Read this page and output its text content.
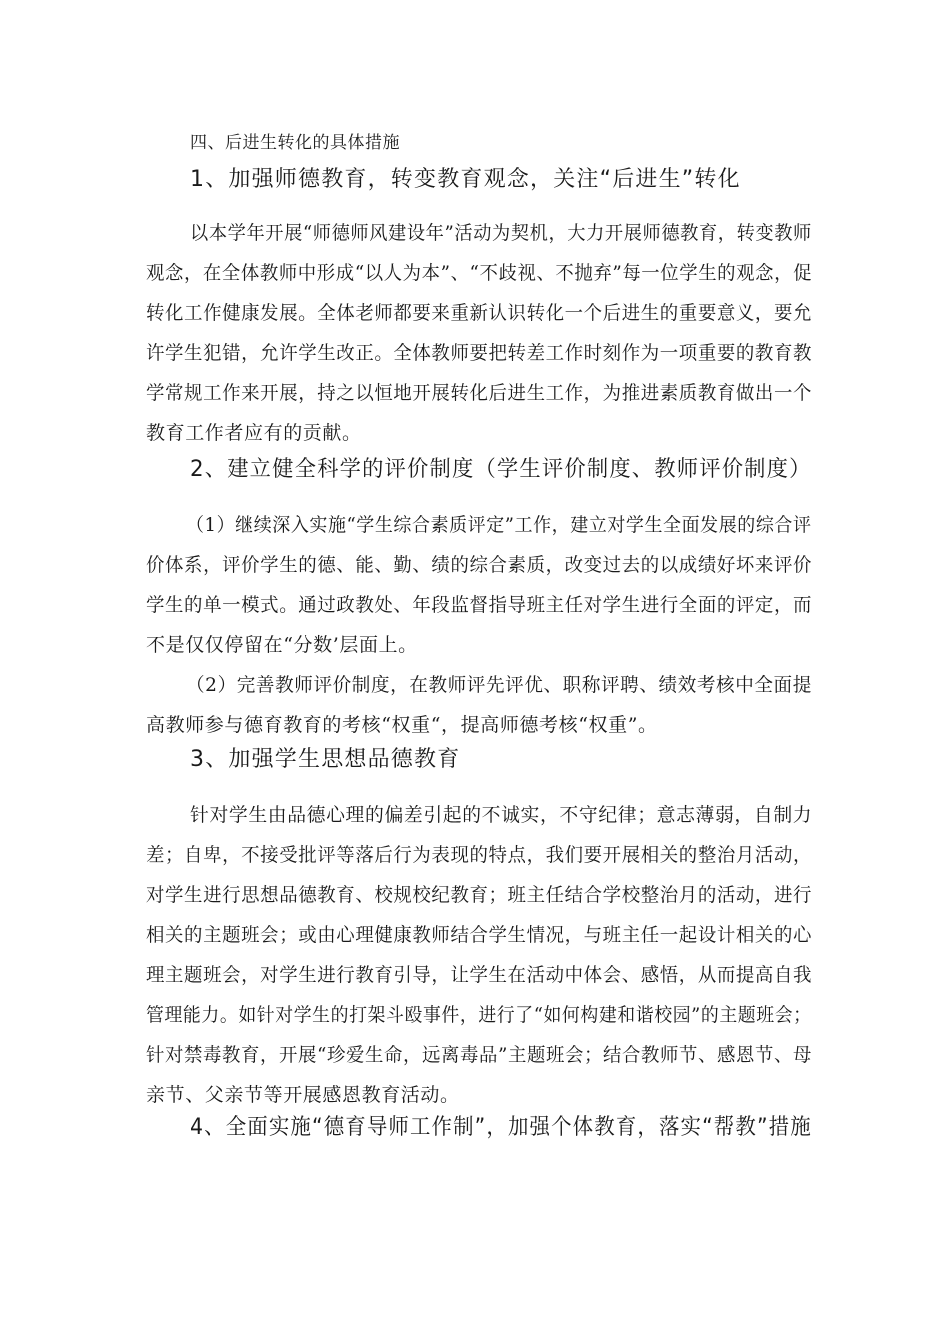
四、后进生转化的具体措施
1、加强师德教育，转变教育观念，关注“后进生”转化
以本学年开展“师德师风建设年”活动为契机，大力开展师德教育，转变教师
观念，在全体教师中形成“以人为本”、“不歧视、不抛弃”每一位学生的观念，促
转化工作健康发展。全体老师都要来重新认识转化一个后进生的重要意义，要允
许学生犯错，允许学生改正。全体教师要把转差工作时刻作为一项重要的教育教
学常规工作来开展，持之以恒地开展转化后进生工作，为推进素质教育做出一个
教育工作者应有的贡献。
2、建立健全科学的评价制度（学生评价制度、教师评价制度）
（1）继续深入实施“学生综合素质评定”工作，建立对学生全面发展的综合评
价体系，评价学生的德、能、勤、绩的综合素质，改变过去的以成绩好坏来评价
学生的单一模式。通过政教处、年段监督指导班主任对学生进行全面的评定，而
不是仅仅停留在“分数’层面上。
（2）完善教师评价制度，在教师评先评优、职称评聘、绩效考核中全面提
高教师参与德育教育的考核“权重“，提高师德考核“权重”。
3、加强学生思想品德教育
针对学生由品德心理的偏差引起的不诚实，不守纪律；意志薄弱，自制力
差；自卑，不接受批评等落后行为表现的特点，我们要开展相关的整治月活动，
对学生进行思想品德教育、校规校纪教育；班主任结合学校整治月的活动，进行
相关的主题班会；或由心理健康教师结合学生情况，与班主任一起设计相关的心
理主题班会，对学生进行教育引导，让学生在活动中体会、感悟，从而提高自我
管理能力。如针对学生的打架斗殴事件，进行了“如何构建和谐校园”的主题班会；
针对禁毒教育，开展“珍爱生命，远离毒品”主题班会；结合教师节、感恩节、母
亲节、父亲节等开展感恩教育活动。
4、全面实施“德育导师工作制”，加强个体教育，落实“帮教”措施
